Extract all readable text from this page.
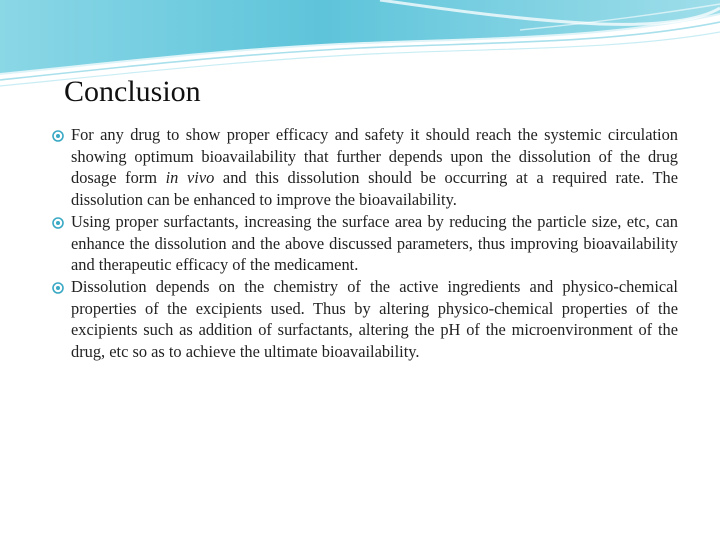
Conclusion
For any drug to show proper efficacy and safety it should reach the systemic circulation showing optimum bioavailability that further depends upon the dissolution of the drug dosage form in vivo and this dissolution should be occurring at a required rate. The dissolution can be enhanced to improve the bioavailability.
Using proper surfactants, increasing the surface area by reducing the particle size, etc, can enhance the dissolution and the above discussed parameters, thus improving bioavailability and therapeutic efficacy of the medicament.
Dissolution depends on the chemistry of the active ingredients and physico-chemical properties of the excipients used. Thus by altering physico-chemical properties of the excipients such as addition of surfactants, altering the pH of the microenvironment of the drug, etc so as to achieve the ultimate bioavailability.
